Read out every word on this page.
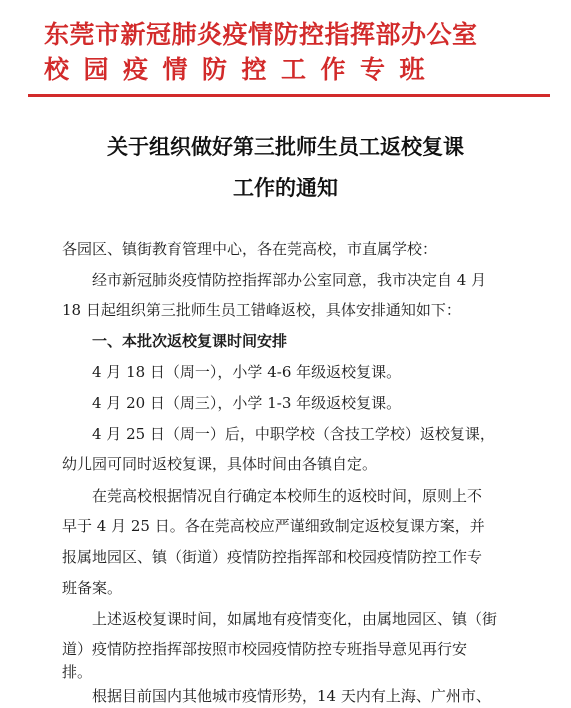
东莞市新冠肺炎疫情防控指挥部办公室
校园疫情防控工作专班
关于组织做好第三批师生员工返校复课
工作的通知
各园区、镇街教育管理中心，各在莞高校，市直属学校：
经市新冠肺炎疫情防控指挥部办公室同意，我市决定自 4 月
18 日起组织第三批师生员工错峰返校，具体安排通知如下：
一、本批次返校复课时间安排
4 月 18 日（周一），小学 4-6 年级返校复课。
4 月 20 日（周三），小学 1-3 年级返校复课。
4 月 25 日（周一）后，中职学校（含技工学校）返校复课，
幼儿园可同时返校复课，具体时间由各镇自定。
在莞高校根据情况自行确定本校师生的返校时间，原则上不
早于 4 月 25 日。各在莞高校应严谨细致制定返校复课方案，并
报属地园区、镇（街道）疫情防控指挥部和校园疫情防控工作专
班备案。
上述返校复课时间，如属地有疫情变化，由属地园区、镇（街
道）疫情防控指挥部按照市校园疫情防控专班指导意见再行安
排。
根据目前国内其他城市疫情形势，14 天内有上海、广州市、
